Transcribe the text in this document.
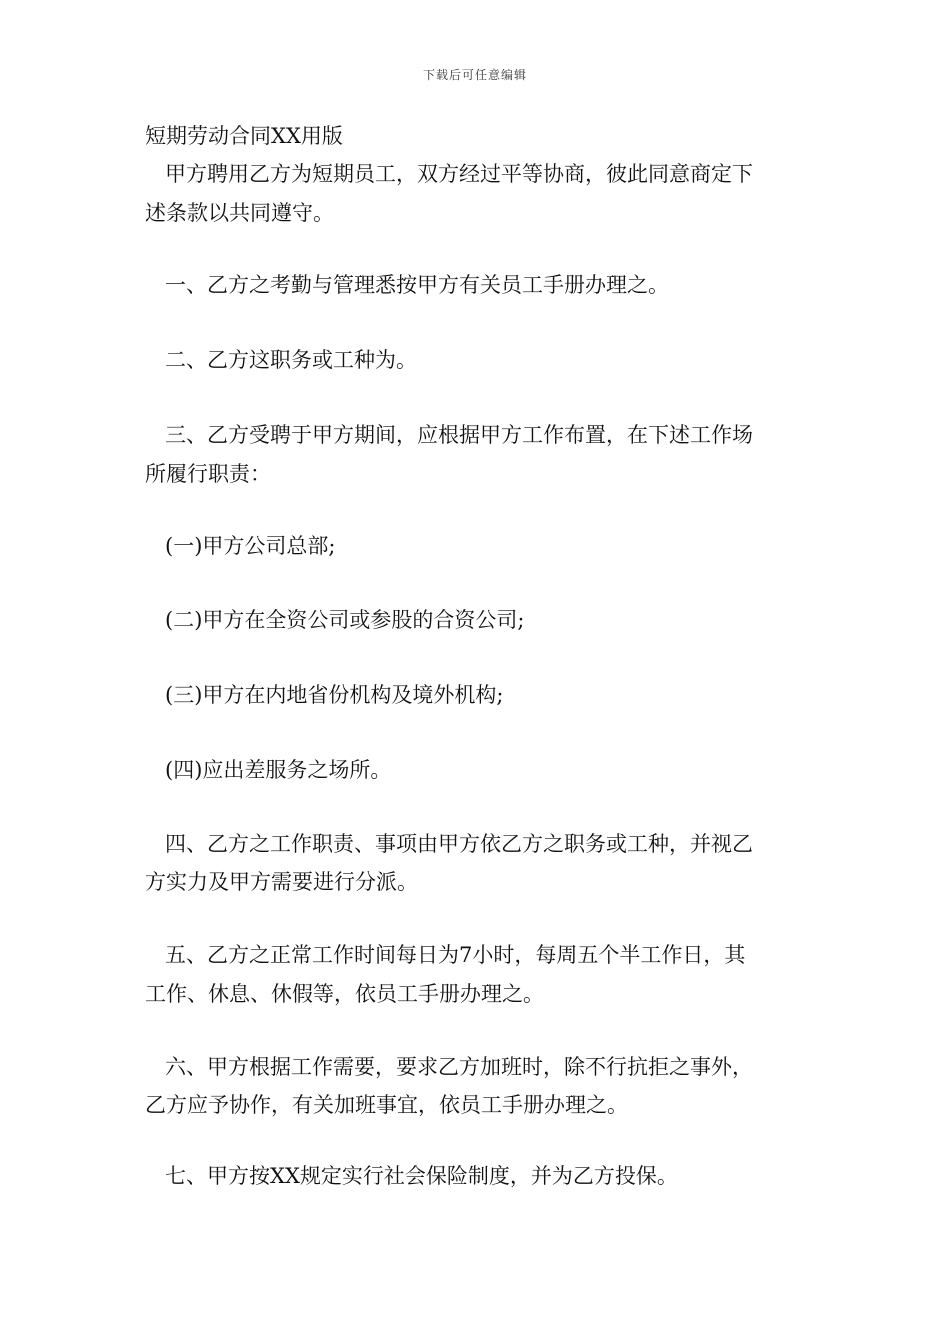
下载后可任意编辑
短期劳动合同XX用版
甲方聘用乙方为短期员工，双方经过平等协商，彼此同意商定下
述条款以共同遵守。
一、乙方之考勤与管理悉按甲方有关员工手册办理之。
二、乙方这职务或工种为。
三、乙方受聘于甲方期间，应根据甲方工作布置，在下述工作场
所履行职责：
(一)甲方公司总部;
(二)甲方在全资公司或参股的合资公司;
(三)甲方在内地省份机构及境外机构;
(四)应出差服务之场所。
四、乙方之工作职责、事项由甲方依乙方之职务或工种，并视乙
方实力及甲方需要进行分派。
五、乙方之正常工作时间每日为7小时，每周五个半工作日，其
工作、休息、休假等，依员工手册办理之。
六、甲方根据工作需要，要求乙方加班时，除不行抗拒之事外，
乙方应予协作，有关加班事宜，依员工手册办理之。
七、甲方按XX规定实行社会保险制度，并为乙方投保。
